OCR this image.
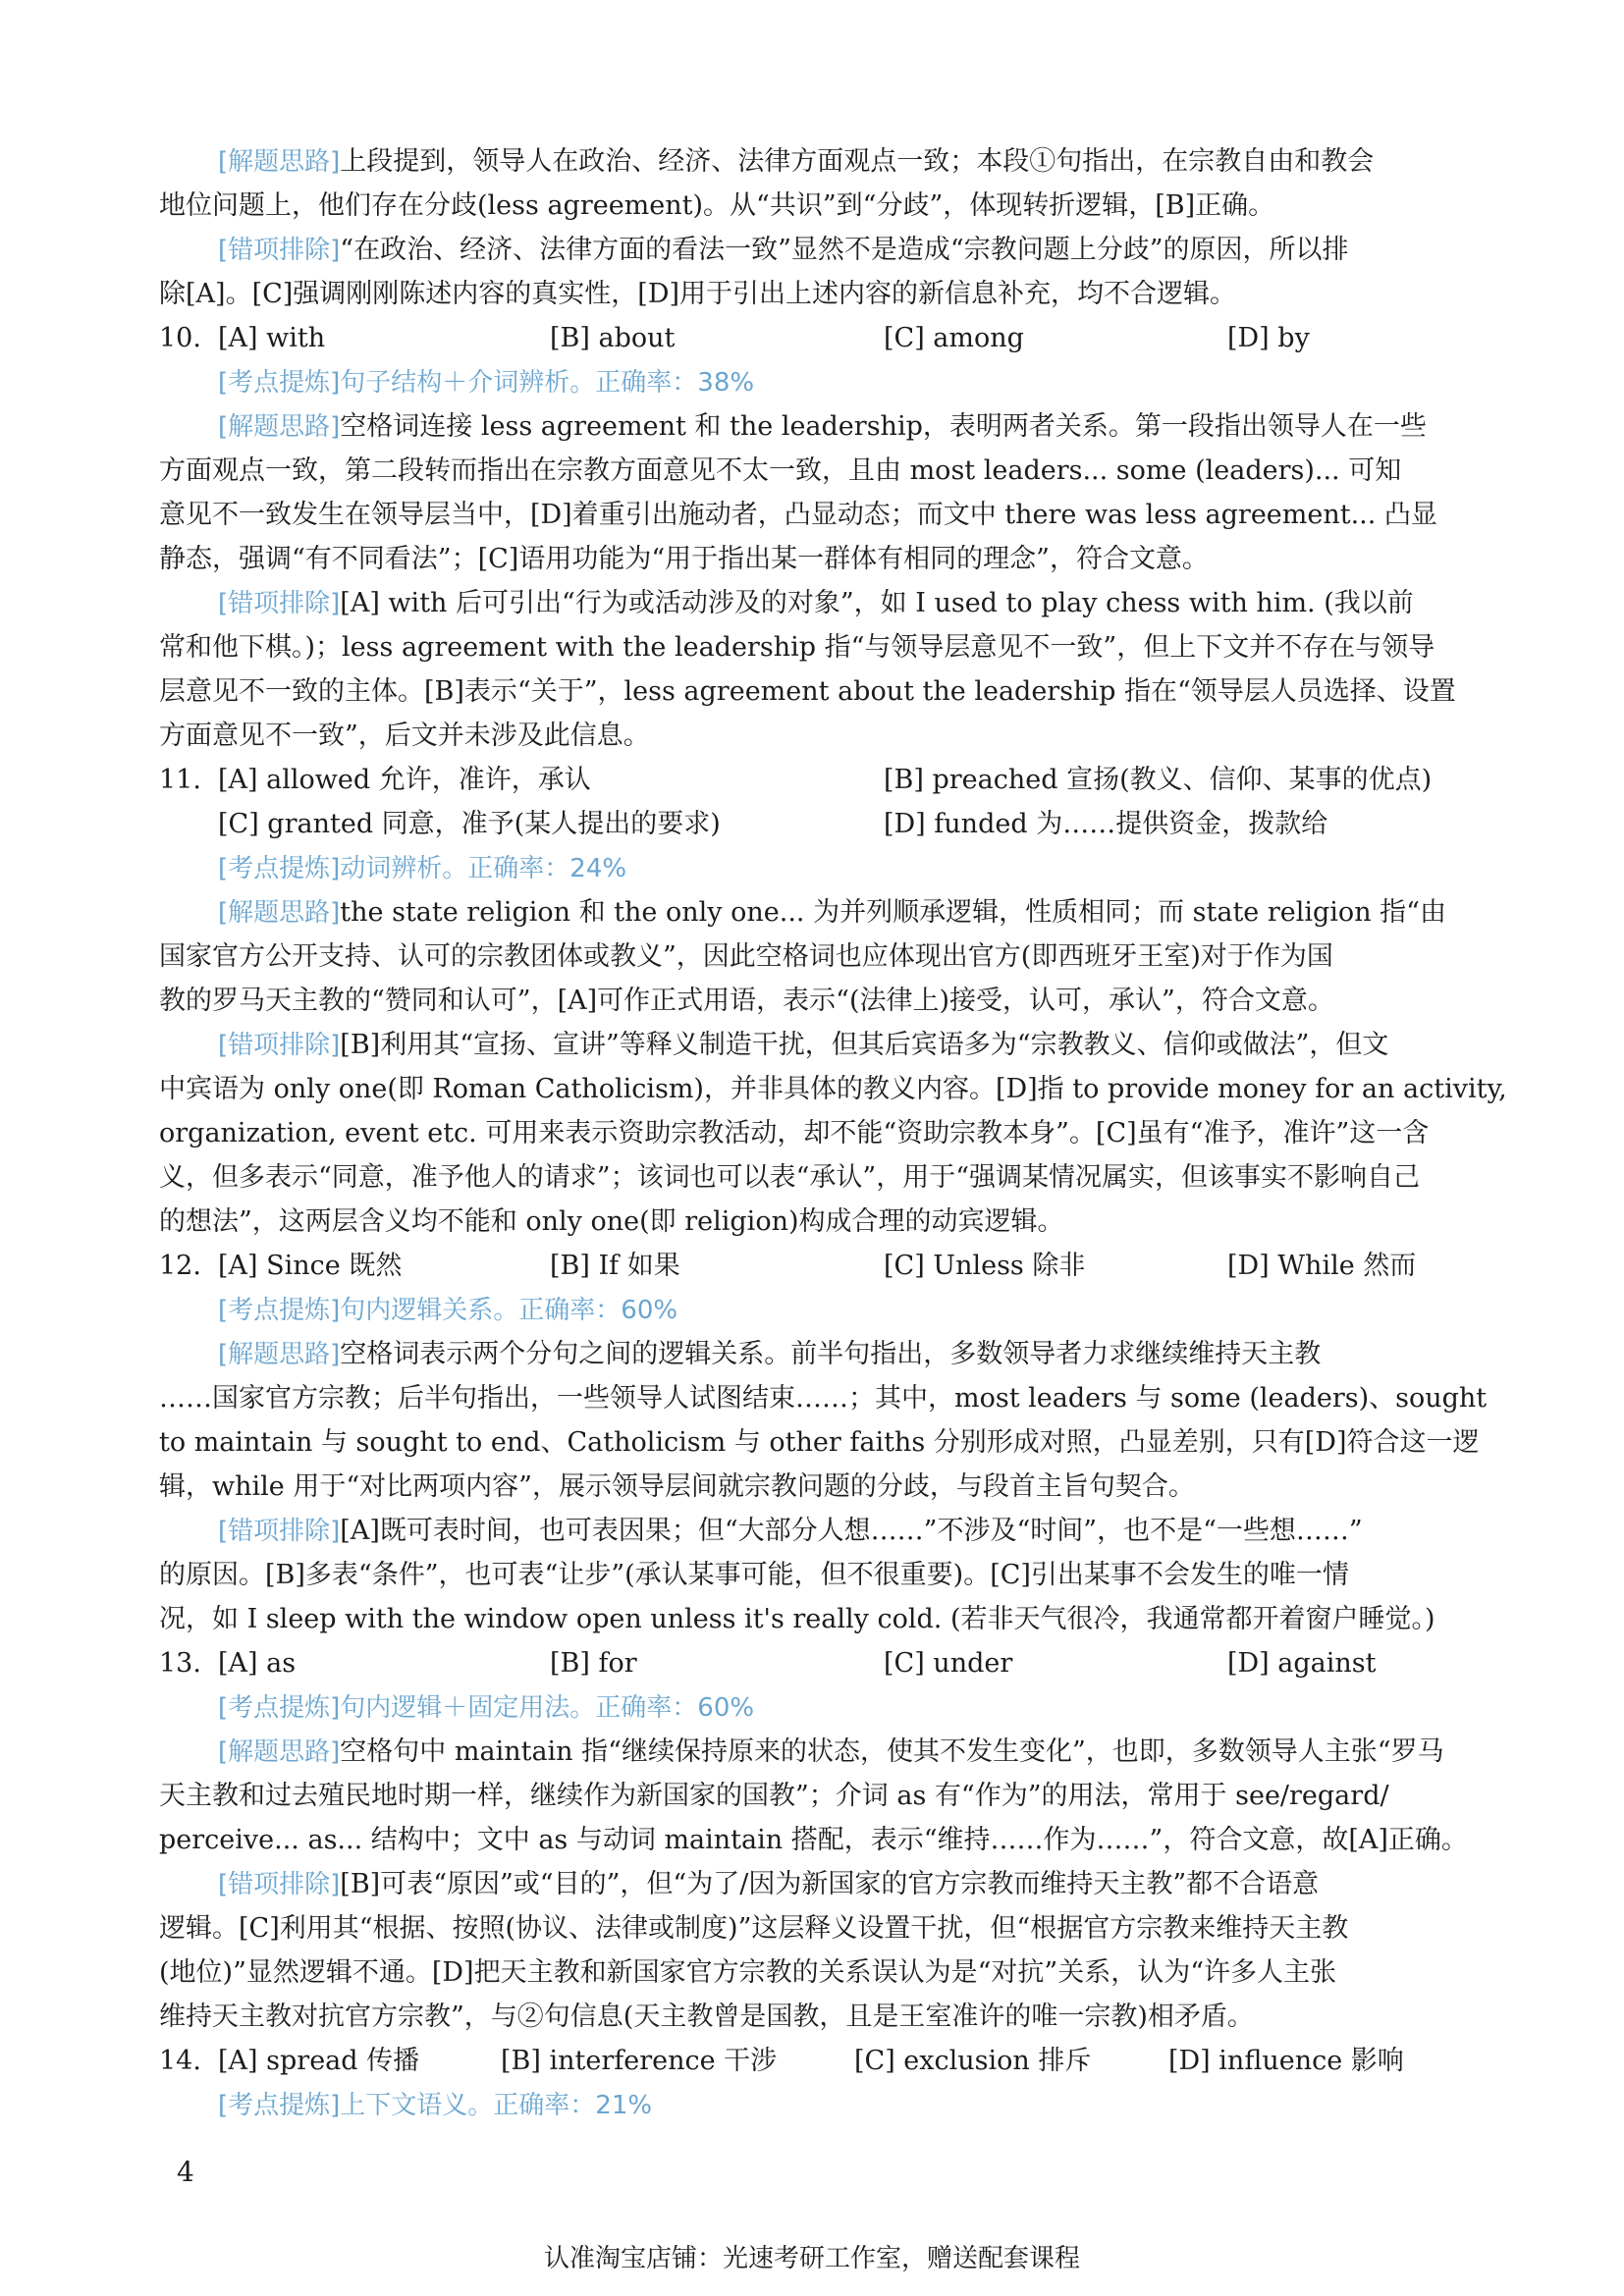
[解题思路]上段提到，领导人在政治、经济、法律方面观点一致；本段①句指出，在宗教自由和教会
地位问题上，他们存在分歧(less agreement)。从“共识”到“分歧”，体现转折逻辑，[B]正确。
[错项排除]“在政治、经济、法律方面的看法一致”显然不是造成“宗教问题上分歧”的原因，所以排
除[A]。[C]强调刚刚陈述内容的真实性，[D]用于引出上述内容的新信息补充，均不合逻辑。
10. [A] with	[B] about	[C] among	[D] by
[考点提炼]句子结构＋介词辨析。正确率：38%
[解题思路]空格词连接 less agreement 和 the leadership，表明两者关系。第一段指出领导人在一些
方面观点一致，第二段转而指出在宗教方面意见不太一致，且由 most leaders... some (leaders)... 可知
意见不一致发生在领导层当中，[D]着重引出施动者，凸显动态；而文中 there was less agreement... 凸显
静态，强调“有不同看法”；[C]语用功能为“用于指出某一群体有相同的理念”，符合文意。
[错项排除][A] with 后可引出“行为或活动涉及的对象”，如 I used to play chess with him. (我以前
常和他下棋。)；less agreement with the leadership 指“与领导层意见不一致”，但上下文并不存在与领导
层意见不一致的主体。[B]表示“关于”，less agreement about the leadership 指在“领导层人员选择、设置
方面意见不一致”，后文并未涉及此信息。
11. [A] allowed 允许，准许，承认	[B] preached 宣扬(教义、信仰、某事的优点)
[C] granted 同意，准予(某人提出的要求)	[D] funded 为……提供资金，拨款给
[考点提炼]动词辨析。正确率：24%
[解题思路]the state religion 和 the only one... 为并列顺承逻辑，性质相同；而 state religion 指“由
国家官方公开支持、认可的宗教团体或教义”，因此空格词也应体现出官方(即西班牙王室)对于作为国
教的罗马天主教的“赞同和认可”，[A]可作正式用语，表示“(法律上)接受，认可，承认”，符合文意。
[错项排除][B]利用其“宣扬、宣讲”等释义制造干扰，但其后宾语多为“宗教教义、信仰或做法”，但文
中宾语为 only one(即 Roman Catholicism)，并非具体的教义内容。[D]指 to provide money for an activity,
organization, event etc. 可用来表示资助宗教活动，却不能“资助宗教本身”。[C]虽有“准予，准许”这一含
义，但多表示“同意，准予他人的请求”；该词也可以表“承认”，用于“强调某情况属实，但该事实不影响自己
的想法”，这两层含义均不能和 only one(即 religion)构成合理的动宾逻辑。
12. [A] Since 既然	[B] If 如果	[C] Unless 除非	[D] While 然而
[考点提炼]句内逻辑关系。正确率：60%
[解题思路]空格词表示两个分句之间的逻辑关系。前半句指出，多数领导者力求继续维持天主教
……国家官方宗教；后半句指出，一些领导人试图结束……；其中，most leaders 与 some (leaders)、sought
to maintain 与 sought to end、Catholicism 与 other faiths 分别形成对照，凸显差别，只有[D]符合这一逻
辑，while 用于“对比两项内容”，展示领导层间就宗教问题的分歧，与段首主旨句契合。
[错项排除][A]既可表时间，也可表因果；但“大部分人想……”不涉及“时间”，也不是“一些想……”
的原因。[B]多表“条件”，也可表“让步”(承认某事可能，但不很重要)。[C]引出某事不会发生的唯一情
况，如 I sleep with the window open unless it's really cold. (若非天气很冷，我通常都开着窗户睡觉。)
13. [A] as	[B] for	[C] under	[D] against
[考点提炼]句内逻辑＋固定用法。正确率：60%
[解题思路]空格句中 maintain 指“继续保持原来的状态，使其不发生变化”，也即，多数领导人主张“罗马
天主教和过去殖民地时期一样，继续作为新国家的国教”；介词 as 有“作为”的用法，常用于 see/regard/
perceive... as... 结构中；文中 as 与动词 maintain 搭配，表示“维持……作为……”，符合文意，故[A]正确。
[错项排除][B]可表“原因”或“目的”，但“为了/因为新国家的官方宗教而维持天主教”都不合语意
逻辑。[C]利用其“根据、按照(协议、法律或制度)”这层释义设置干扰，但“根据官方宗教来维持天主教
(地位)”显然逻辑不通。[D]把天主教和新国家官方宗教的关系误认为是“对抗”关系，认为“许多人主张
维持天主教对抗官方宗教”，与②句信息(天主教曾是国教，且是王室准许的唯一宗教)相矛盾。
14. [A] spread 传播	[B] interference 干涉	[C] exclusion 排斥	[D] influence 影响
[考点提炼]上下文语义。正确率：21%
4
认准淘宝店铺：光速考研工作室，赠送配套课程
